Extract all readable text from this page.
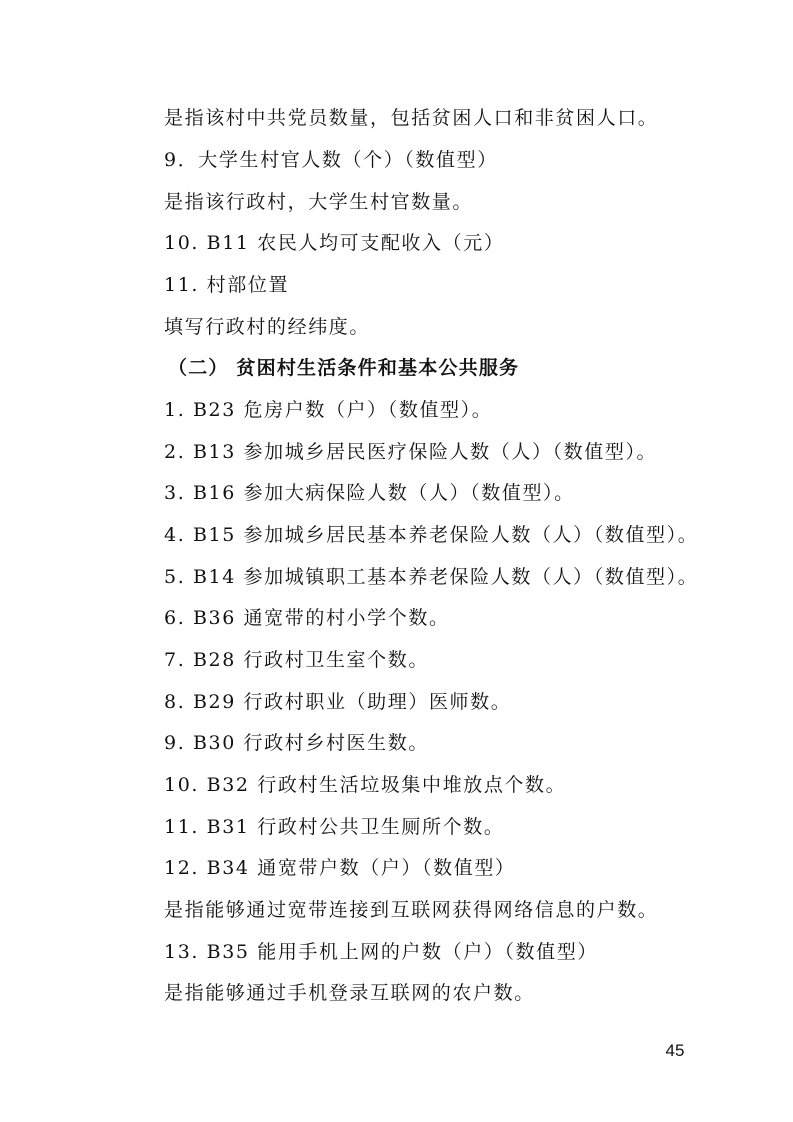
是指该村中共党员数量，包括贫困人口和非贫困人口。
9．大学生村官人数（个）（数值型）
是指该行政村，大学生村官数量。
10. B11 农民人均可支配收入（元）
11. 村部位置
填写行政村的经纬度。
（二） 贫困村生活条件和基本公共服务
1. B23 危房户数（户）（数值型）。
2. B13 参加城乡居民医疗保险人数（人）（数值型）。
3. B16 参加大病保险人数（人）（数值型）。
4. B15 参加城乡居民基本养老保险人数（人）（数值型）。
5. B14 参加城镇职工基本养老保险人数（人）（数值型）。
6. B36 通宽带的村小学个数。
7. B28 行政村卫生室个数。
8. B29 行政村职业（助理）医师数。
9. B30 行政村乡村医生数。
10. B32 行政村生活垃圾集中堆放点个数。
11. B31 行政村公共卫生厕所个数。
12. B34 通宽带户数（户）（数值型）
是指能够通过宽带连接到互联网获得网络信息的户数。
13. B35 能用手机上网的户数（户）（数值型）
是指能够通过手机登录互联网的农户数。
45
